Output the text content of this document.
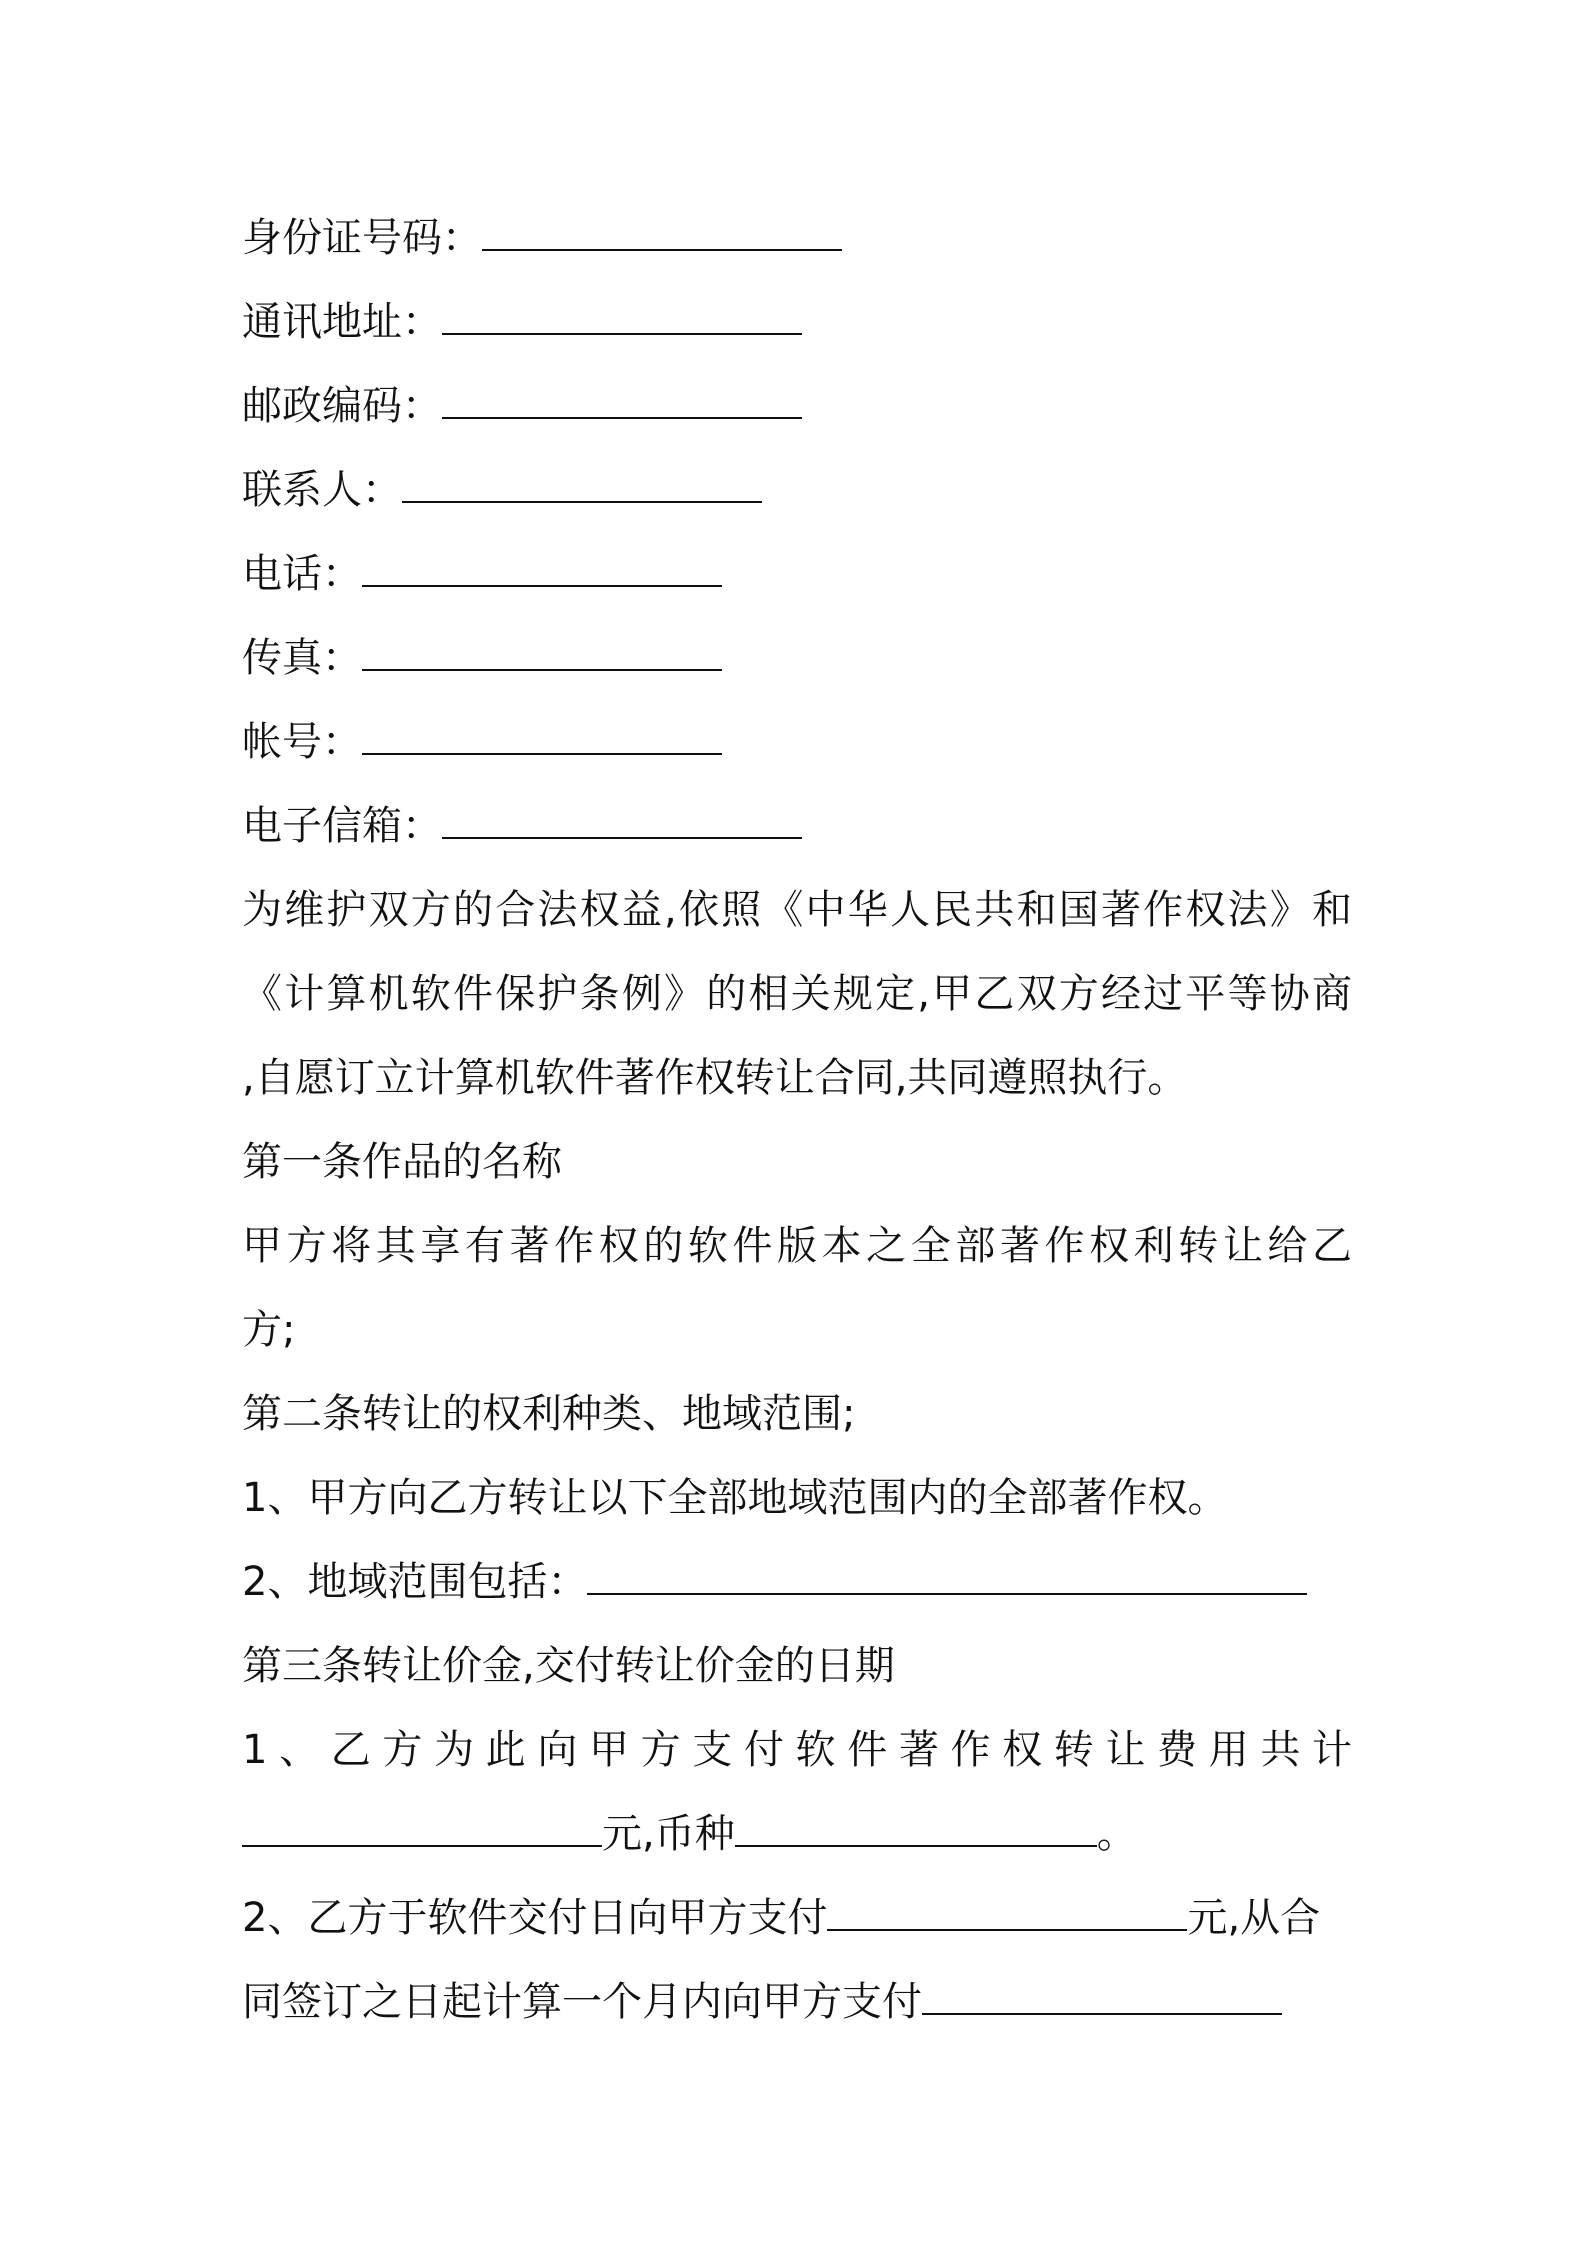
身份证号码：
通讯地址：
邮政编码：
联系人：
电话：
传真：
帐号：
电子信箱：
为维护双方的合法权益,依照《中华人民共和国著作权法》和
《计算机软件保护条例》的相关规定,甲乙双方经过平等协商
,自愿订立计算机软件著作权转让合同,共同遵照执行。
第一条作品的名称
甲方将其享有著作权的软件版本之全部著作权利转让给乙
方;
第二条转让的权利种类、地域范围;
1、甲方向乙方转让以下全部地域范围内的全部著作权。
2、地域范围包括：
第三条转让价金,交付转让价金的日期
1、乙方为此向甲方支付软件著作权转让费用共计
元,币种	。
2、乙方于软件交付日向甲方支付	元,从合
同签订之日起计算一个月内向甲方支付
